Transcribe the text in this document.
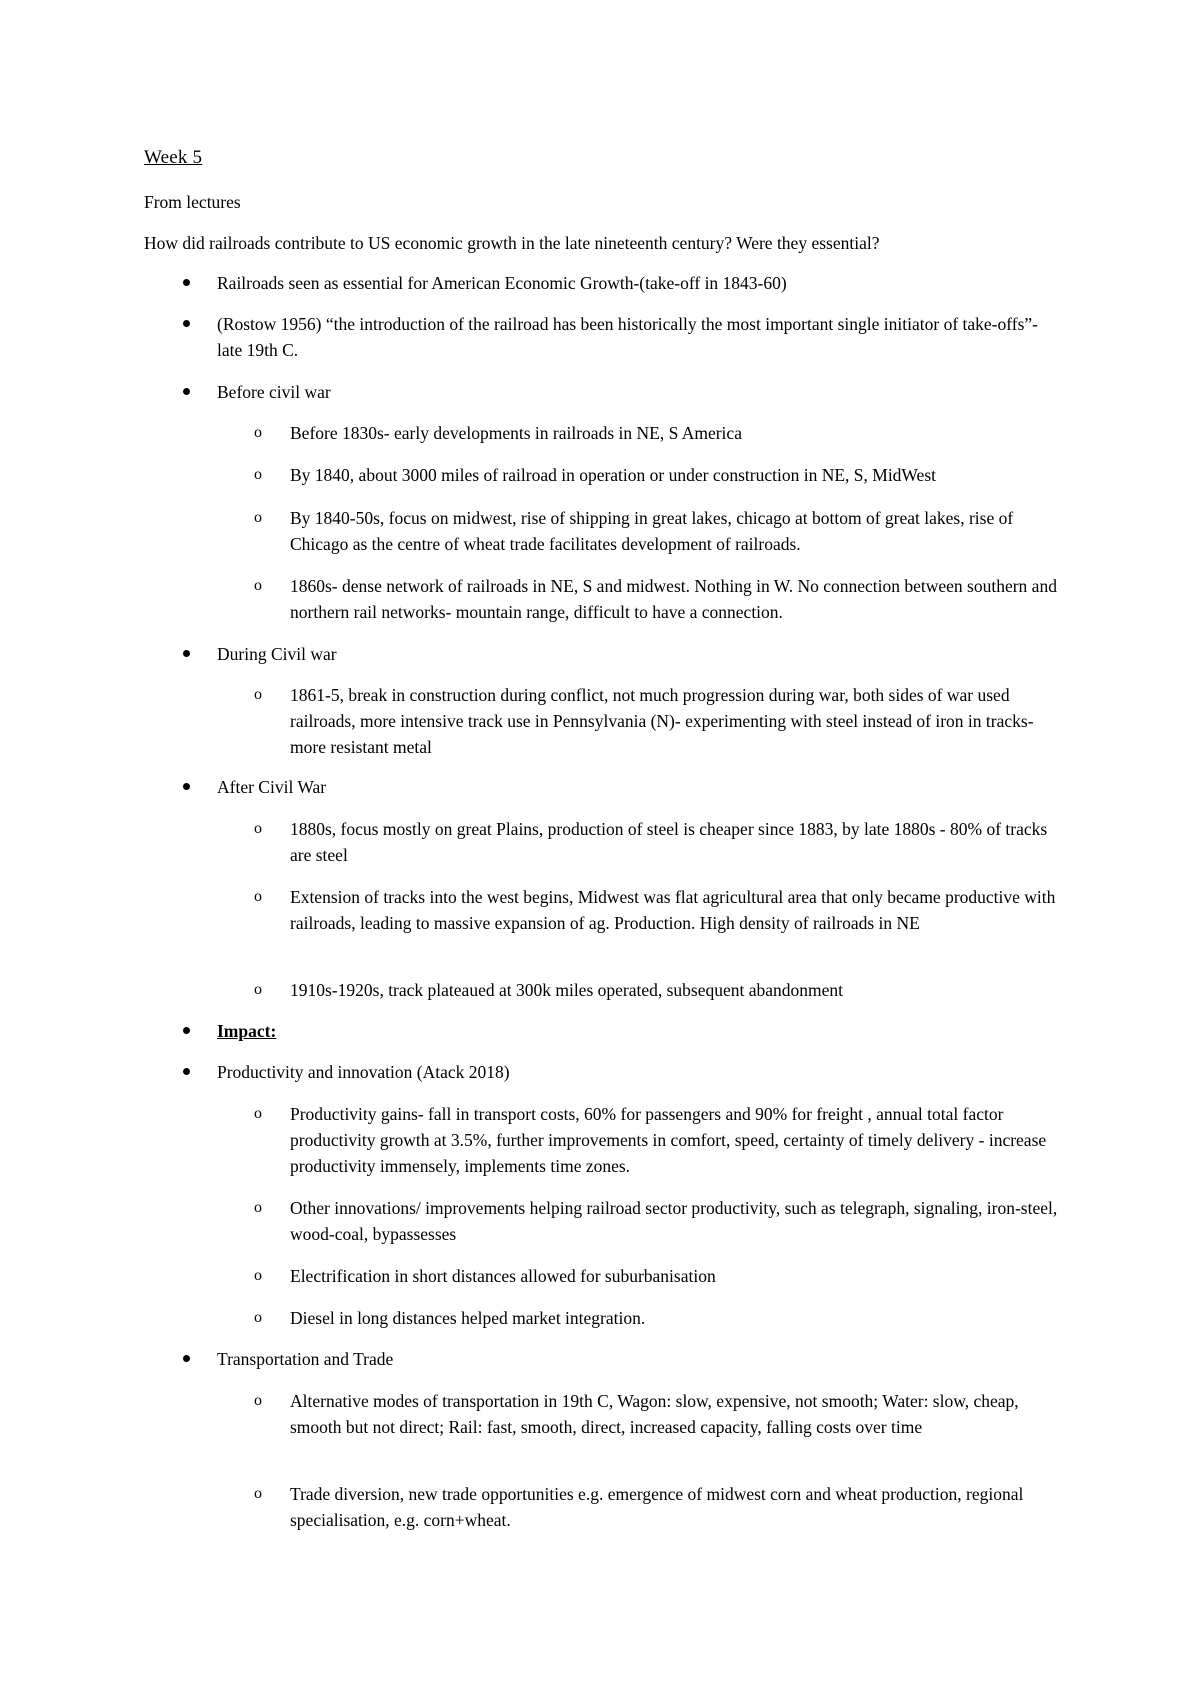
Week 5
From lectures
How did railroads contribute to US economic growth in the late nineteenth century? Were they essential?
Railroads seen as essential for American Economic Growth-(take-off in 1843-60)
(Rostow 1956) “the introduction of the railroad has been historically the most important single initiator of take-offs”- late 19th C.
Before civil war
o Before 1830s- early developments in railroads in NE, S America
o By 1840, about 3000 miles of railroad in operation or under construction in NE, S, MidWest
o By 1840-50s, focus on midwest, rise of shipping in great lakes, chicago at bottom of great lakes, rise of Chicago as the centre of wheat trade facilitates development of railroads.
o 1860s- dense network of railroads in NE, S and midwest. Nothing in W. No connection between southern and northern rail networks- mountain range, difficult to have a connection.
During Civil war
o 1861-5, break in construction during conflict, not much progression during war, both sides of war used railroads, more intensive track use in Pennsylvania (N)- experimenting with steel instead of iron in tracks- more resistant metal
After Civil War
o 1880s, focus mostly on great Plains, production of steel is cheaper since 1883, by late 1880s - 80% of tracks are steel
o Extension of tracks into the west begins, Midwest was flat agricultural area that only became productive with railroads, leading to massive expansion of ag. Production. High density of railroads in NE
o 1910s-1920s, track plateaued at 300k miles operated, subsequent abandonment
Impact:
Productivity and innovation (Atack 2018)
o Productivity gains- fall in transport costs, 60% for passengers and 90% for freight , annual total factor productivity growth at 3.5%, further improvements in comfort, speed, certainty of timely delivery - increase productivity immensely, implements time zones.
o Other innovations/ improvements helping railroad sector productivity, such as telegraph, signaling, iron-steel, wood-coal, bypassesses
o Electrification in short distances allowed for suburbanisation
o Diesel in long distances helped market integration.
Transportation and Trade
o Alternative modes of transportation in 19th C, Wagon: slow, expensive, not smooth; Water: slow, cheap, smooth but not direct; Rail: fast, smooth, direct, increased capacity, falling costs over time
o Trade diversion, new trade opportunities e.g. emergence of midwest corn and wheat production, regional specialisation, e.g. corn+wheat.
